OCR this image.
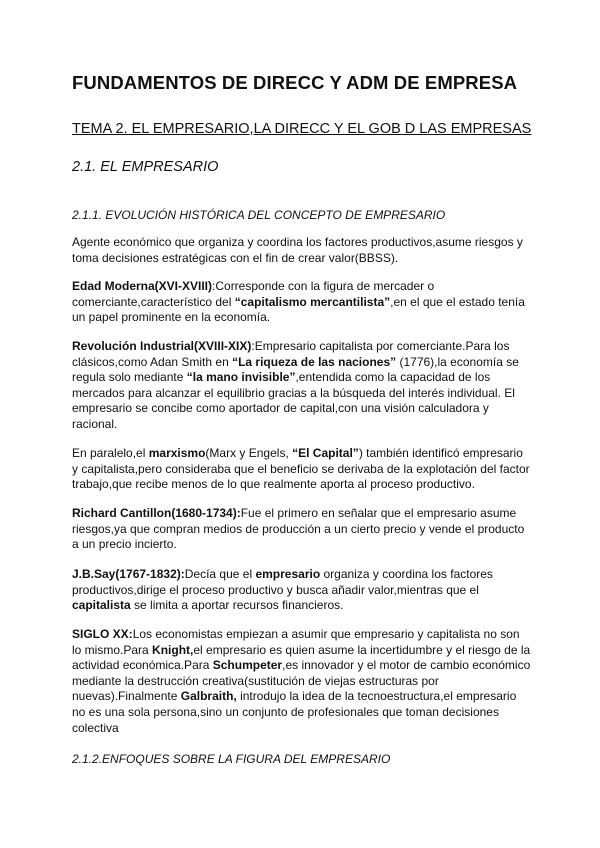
FUNDAMENTOS DE DIRECC Y ADM DE EMPRESA
TEMA 2. EL EMPRESARIO,LA DIRECC Y EL GOB D LAS EMPRESAS
2.1. EL EMPRESARIO
2.1.1. EVOLUCIÓN HISTÓRICA DEL CONCEPTO DE EMPRESARIO

Agente económico que organiza y coordina los factores productivos,asume riesgos y toma decisiones estratégicas con el fin de crear valor(BBSS).

Edad Moderna(XVI-XVIII):Corresponde con la figura de mercader o comerciante,característico del “capitalismo mercantilista”,en el que el estado tenía un papel prominente en la economía.

Revolución Industrial(XVIII-XIX):Empresario capitalista por comerciante.Para los clásicos,como Adan Smith en “La riqueza de las naciones” (1776),la economía se regula solo mediante “la mano invisible”,entendida como la capacidad de los mercados para alcanzar el equilibrio gracias a la búsqueda del interés individual. El empresario se concibe como aportador de capital,con una visión calculadora y racional.

En paralelo,el marxismo(Marx y Engels, “El Capital”) también identificó empresario y capitalista,pero consideraba que el beneficio se derivaba de la explotación del factor trabajo,que recibe menos de lo que realmente aporta al proceso productivo.

Richard Cantillon(1680-1734):Fue el primero en señalar que el empresario asume riesgos,ya que compran medios de producción a un cierto precio y vende el producto a un precio incierto.

J.B.Say(1767-1832):Decía que el empresario organiza y coordina los factores productivos,dirige el proceso productivo y busca añadir valor,mientras que el capitalista se limita a aportar recursos financieros.

SIGLO XX:Los economistas empiezan a asumir que empresario y capitalista no son lo mismo.Para Knight,el empresario es quien asume la incertidumbre y el riesgo de la actividad económica.Para Schumpeter,es innovador y el motor de cambio económico mediante la destrucción creativa(sustitución de viejas estructuras por nuevas).Finalmente Galbraith, introdujo la idea de la tecnoestructura,el empresario no es una sola persona,sino un conjunto de profesionales que toman decisiones colectiva

2.1.2.ENFOQUES SOBRE LA FIGURA DEL EMPRESARIO
